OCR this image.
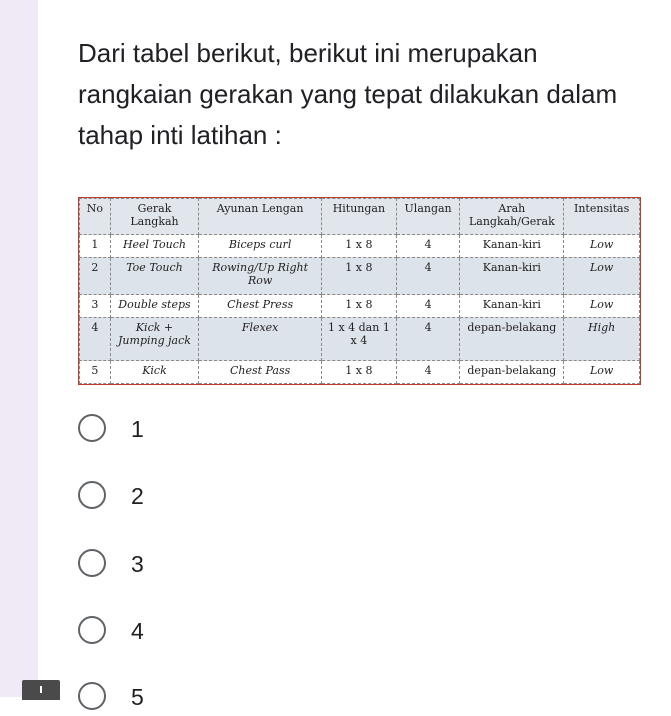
Dari tabel berikut, berikut ini merupakan rangkaian gerakan yang tepat dilakukan dalam tahap inti latihan :
No	Gerak Langkah	Ayunan Lengan	Hitungan	Ulangan	Arah Langkah/Gerak	Intensitas
1	Heel Touch	Biceps curl	1 x 8	4	Kanan-kiri	Low
2	Toe Touch	Rowing/Up Right Row	1 x 8	4	Kanan-kiri	Low
3	Double steps	Chest Press	1 x 8	4	Kanan-kiri	Low
4	Kick + Jumping jack	Flexex	1 x 4 dan 1 x 4	4	depan-belakang	High
5	Kick	Chest Pass	1 x 8	4	depan-belakang	Low
1
2
3
4
5
